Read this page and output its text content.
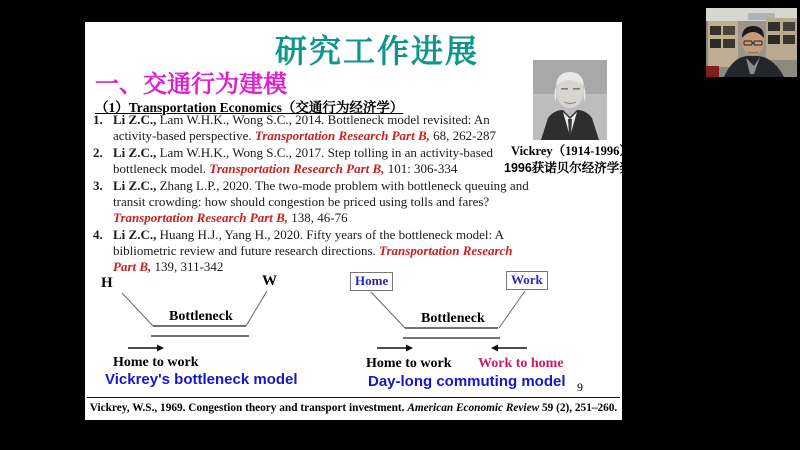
研究工作进展
一、交通行为建模
（1）Transportation Economics（交通行为经济学）
1. Li Z.C., Lam W.H.K., Wong S.C., 2014. Bottleneck model revisited: An activity-based perspective. Transportation Research Part B, 68, 262-287
2. Li Z.C., Lam W.H.K., Wong S.C., 2017. Step tolling in an activity-based bottleneck model. Transportation Research Part B, 101: 306-334
3. Li Z.C., Zhang L.P., 2020. The two-mode problem with bottleneck queuing and transit crowding: how should congestion be priced using tolls and fares? Transportation Research Part B, 138, 46-76
4. Li Z.C., Huang H.J., Yang H., 2020. Fifty years of the bottleneck model: A bibliometric review and future research directions. Transportation Research Part B, 139, 311-342
Vickrey（1914-1996）
1996获诺贝尔经济学奖
H	W
Bottleneck
Home to work
Vickrey's bottleneck model
Home	Work
Bottleneck
Home to work Work to home
Day-long commuting model 9
Vickrey, W.S., 1969. Congestion theory and transport investment. American Economic Review 59 (2), 251–260.
